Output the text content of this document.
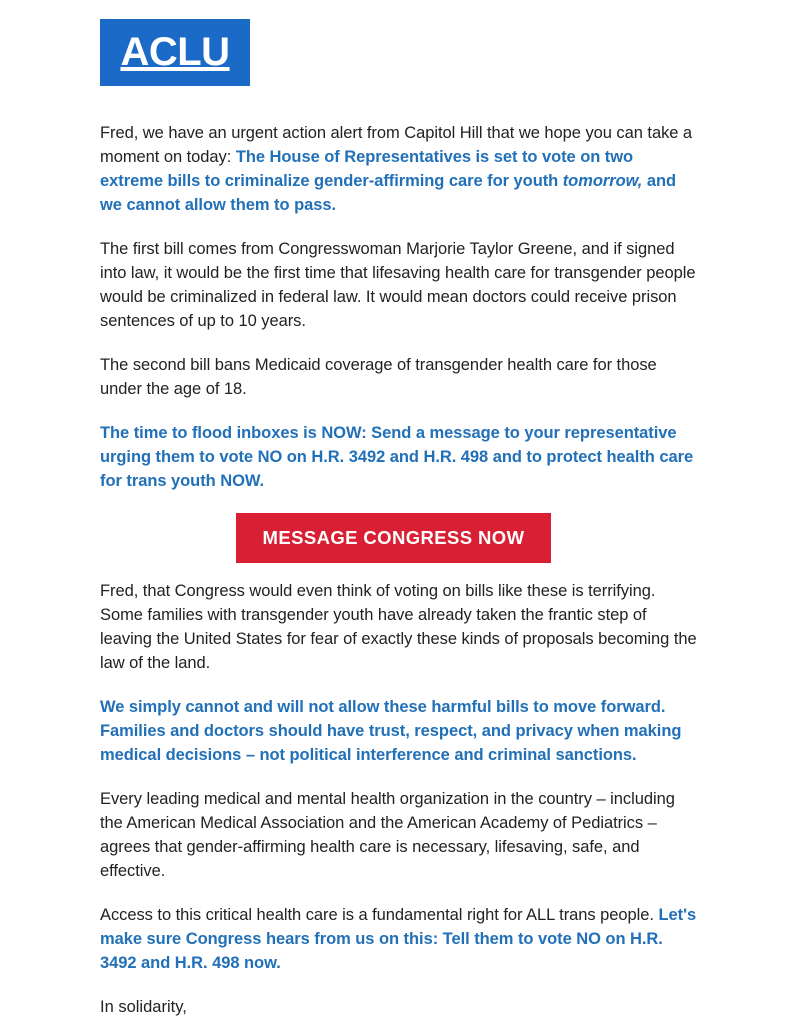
ACLU

Fred, we have an urgent action alert from Capitol Hill that we hope you can take a moment on today: The House of Representatives is set to vote on two extreme bills to criminalize gender-affirming care for youth tomorrow, and we cannot allow them to pass.

The first bill comes from Congresswoman Marjorie Taylor Greene, and if signed into law, it would be the first time that lifesaving health care for transgender people would be criminalized in federal law. It would mean doctors could receive prison sentences of up to 10 years.

The second bill bans Medicaid coverage of transgender health care for those under the age of 18.

The time to flood inboxes is NOW: Send a message to your representative urging them to vote NO on H.R. 3492 and H.R. 498 and to protect health care for trans youth NOW.

MESSAGE CONGRESS NOW

Fred, that Congress would even think of voting on bills like these is terrifying. Some families with transgender youth have already taken the frantic step of leaving the United States for fear of exactly these kinds of proposals becoming the law of the land.

We simply cannot and will not allow these harmful bills to move forward. Families and doctors should have trust, respect, and privacy when making medical decisions – not political interference and criminal sanctions.

Every leading medical and mental health organization in the country – including the American Medical Association and the American Academy of Pediatrics – agrees that gender-affirming health care is necessary, lifesaving, safe, and effective.

Access to this critical health care is a fundamental right for ALL trans people. Let's make sure Congress hears from us on this: Tell them to vote NO on H.R. 3492 and H.R. 498 now.

In solidarity,
